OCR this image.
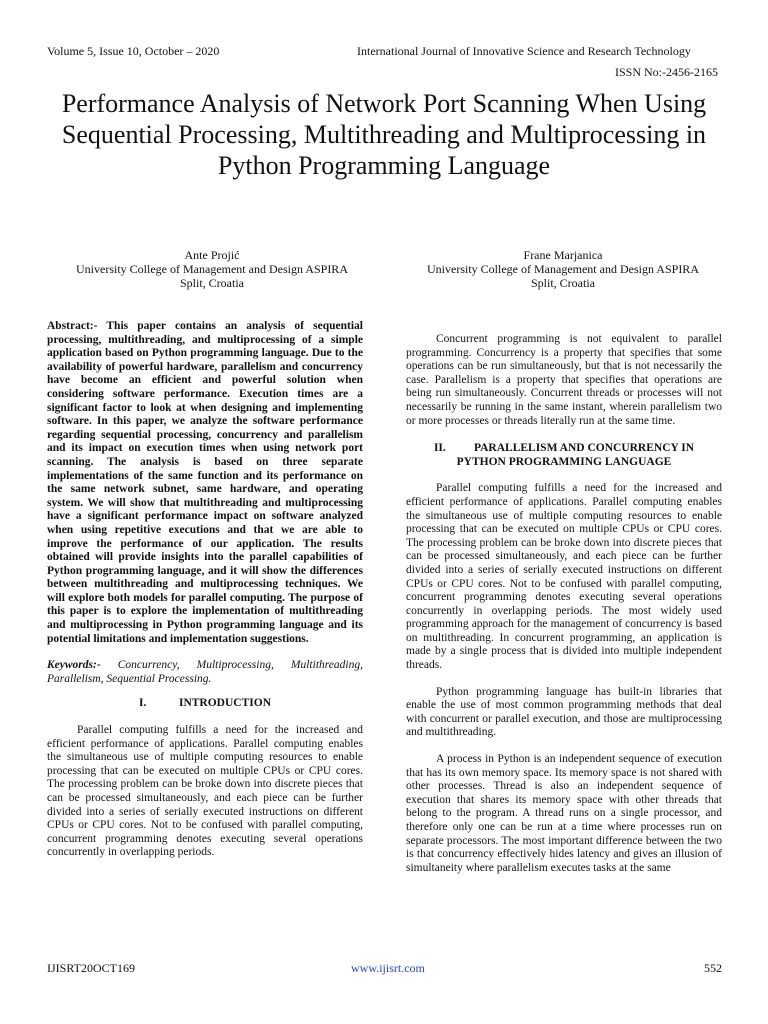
Volume 5, Issue 10, October – 2020	International Journal of Innovative Science and Research Technology
ISSN No:-2456-2165
Performance Analysis of Network Port Scanning When Using Sequential Processing, Multithreading and Multiprocessing in Python Programming Language
Ante Projić
University College of Management and Design ASPIRA
Split, Croatia
Frane Marjanica
University College of Management and Design ASPIRA
Split, Croatia

Abstract:- This paper contains an analysis of sequential processing, multithreading, and multiprocessing of a simple application based on Python programming language. Due to the availability of powerful hardware, parallelism and concurrency have become an efficient and powerful solution when considering software performance. Execution times are a significant factor to look at when designing and implementing software. In this paper, we analyze the software performance regarding sequential processing, concurrency and parallelism and its impact on execution times when using network port scanning. The analysis is based on three separate implementations of the same function and its performance on the same network subnet, same hardware, and operating system. We will show that multithreading and multiprocessing have a significant performance impact on software analyzed when using repetitive executions and that we are able to improve the performance of our application. The results obtained will provide insights into the parallel capabilities of Python programming language, and it will show the differences between multithreading and multiprocessing techniques. We will explore both models for parallel computing. The purpose of this paper is to explore the implementation of multithreading and multiprocessing in Python programming language and its potential limitations and implementation suggestions.

Keywords:- Concurrency, Multiprocessing, Multithreading, Parallelism, Sequential Processing.

I.	INTRODUCTION

Parallel computing fulfills a need for the increased and efficient performance of applications. Parallel computing enables the simultaneous use of multiple computing resources to enable processing that can be executed on multiple CPUs or CPU cores. The processing problem can be broke down into discrete pieces that can be processed simultaneously, and each piece can be further divided into a series of serially executed instructions on different CPUs or CPU cores. Not to be confused with parallel computing, concurrent programming denotes executing several operations concurrently in overlapping periods.

Concurrent programming is not equivalent to parallel programming. Concurrency is a property that specifies that some operations can be run simultaneously, but that is not necessarily the case. Parallelism is a property that specifies that operations are being run simultaneously. Concurrent threads or processes will not necessarily be running in the same instant, wherein parallelism two or more processes or threads literally run at the same time.

II. PARALLELISM AND CONCURRENCY IN
PYTHON PROGRAMMING LANGUAGE

Parallel computing fulfills a need for the increased and efficient performance of applications. Parallel computing enables the simultaneous use of multiple computing resources to enable processing that can be executed on multiple CPUs or CPU cores. The processing problem can be broke down into discrete pieces that can be processed simultaneously, and each piece can be further divided into a series of serially executed instructions on different CPUs or CPU cores. Not to be confused with parallel computing, concurrent programming denotes executing several operations concurrently in overlapping periods. The most widely used programming approach for the management of concurrency is based on multithreading. In concurrent programming, an application is made by a single process that is divided into multiple independent threads.

Python programming language has built-in libraries that enable the use of most common programming methods that deal with concurrent or parallel execution, and those are multiprocessing and multithreading.

A process in Python is an independent sequence of execution that has its own memory space. Its memory space is not shared with other processes. Thread is also an independent sequence of execution that shares its memory space with other threads that belong to the program. A thread runs on a single processor, and therefore only one can be run at a time where processes run on separate processors. The most important difference between the two is that concurrency effectively hides latency and gives an illusion of simultaneity where parallelism executes tasks at the same

IJISRT20OCT169	www.ijisrt.com	552
